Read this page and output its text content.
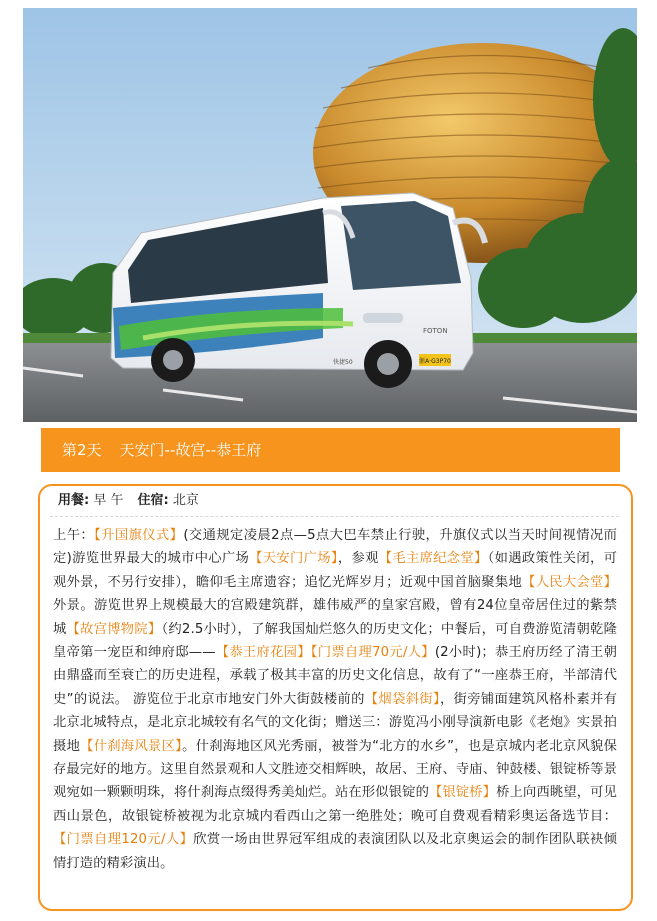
浙A·G3P70
FOTON
快捷50
第2天 天安门--故宫--恭王府
用餐: 早 午 住宿: 北京
上午：【升国旗仪式】(交通规定凌晨2点—5点大巴车禁止行驶，升旗仪式以当天时间视情况而定)游览世界最大的城市中心广场【天安门广场】，参观【毛主席纪念堂】（如遇政策性关闭，可观外景，不另行安排），瞻仰毛主席遗容；追忆光辉岁月；近观中国首脑聚集地【人民大会堂】外景。游览世界上规模最大的宫殿建筑群，雄伟威严的皇家宫殿，曾有24位皇帝居住过的紫禁城【故宫博物院】（约2.5小时），了解我国灿烂悠久的历史文化；中餐后，可自费游览清朝乾隆皇帝第一宠臣和绅府邸——【恭王府花园】【门票自理70元/人】(2小时)；恭王府历经了清王朝由鼎盛而至衰亡的历史进程，承载了极其丰富的历史文化信息，故有了“一座恭王府，半部清代史”的说法。 游览位于北京市地安门外大街鼓楼前的【烟袋斜街】，街旁铺面建筑风格朴素并有北京北城特点，是北京北城较有名气的文化街；赠送三：游览冯小刚导演新电影《老炮》实景拍摄地【什刹海风景区】。什刹海地区风光秀丽，被誉为“北方的水乡”，也是京城内老北京风貌保存最完好的地方。这里自然景观和人文胜迹交相辉映，故居、王府、寺庙、钟鼓楼、银锭桥等景观宛如一颗颗明珠，将什刹海点缀得秀美灿烂。站在形似银锭的【银锭桥】桥上向西眺望，可见西山景色，故银锭桥被视为北京城内看西山之第一绝胜处；晚可自费观看精彩奥运备选节目：【门票自理120元/人】欣赏一场由世界冠军组成的表演团队以及北京奥运会的制作团队联袂倾情打造的精彩演出。
